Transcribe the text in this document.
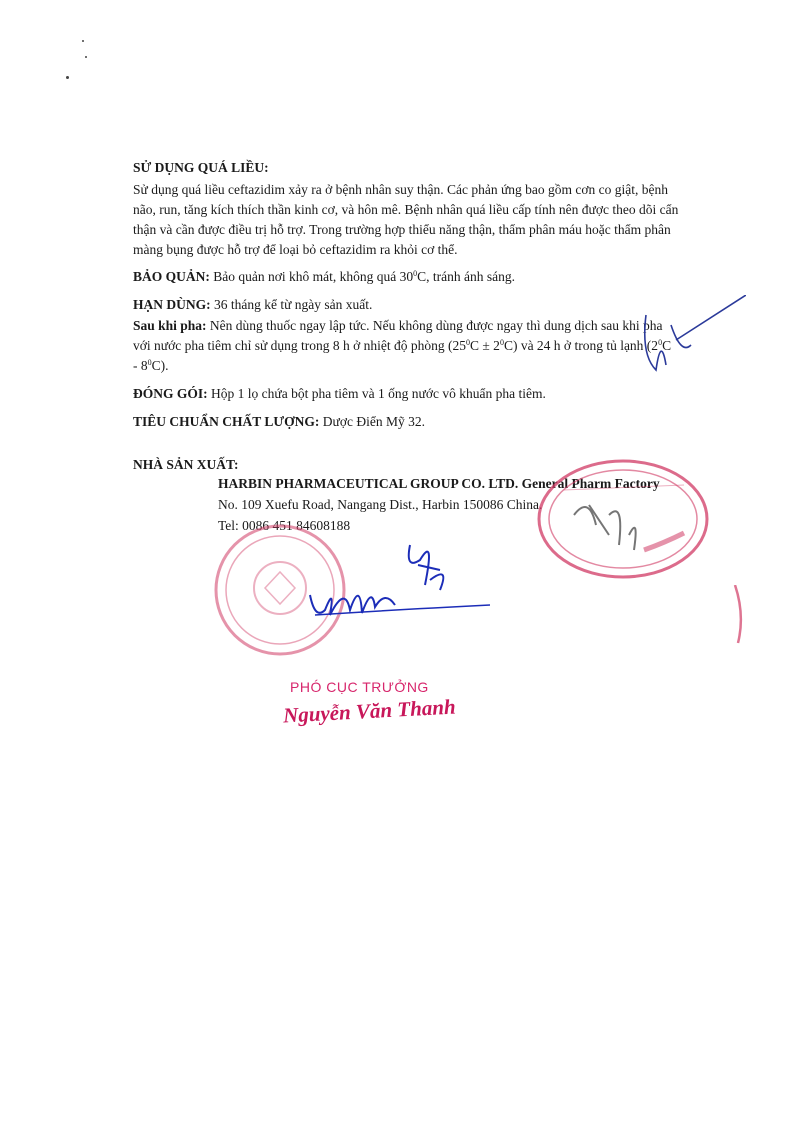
SỬ DỤNG QUÁ LIỀU:
Sử dụng quá liều ceftazidim xảy ra ở bệnh nhân suy thận. Các phản ứng bao gồm cơn co giật, bệnh
não, run, tăng kích thích thần kinh cơ, và hôn mê. Bệnh nhân quá liều cấp tính nên được theo dõi cẩn
thận và cần được điều trị hỗ trợ. Trong trường hợp thiểu năng thận, thẩm phân máu hoặc thẩm phân
màng bụng được hỗ trợ để loại bỏ ceftazidim ra khỏi cơ thể.
BẢO QUẢN: Bảo quản nơi khô mát, không quá $30^0C$, tránh ánh sáng.
HẠN DÙNG: 36 tháng kể từ ngày sản xuất.
Sau khi pha: Nên dùng thuốc ngay lập tức. Nếu không dùng được ngay thì dung dịch sau khi pha
với nước pha tiêm chỉ sử dụng trong 8 h ở nhiệt độ phòng $(25^0C \pm 2^0C)$ và 24 h ở trong tủ lạnh ($2^0C$
- $8^0C$).
ĐÓNG GÓI: Hộp 1 lọ chứa bột pha tiêm và 1 ống nước vô khuẩn pha tiêm.
TIÊU CHUẨN CHẤT LƯỢNG: Dược Điển Mỹ 32.
NHÀ SẢN XUẤT:
HARBIN PHARMACEUTICAL GROUP CO. LTD. General Pharm Factory
No. 109 Xuefu Road, Nangang Dist., Harbin 150086 China.
Tel: 0086 451 84608188
PHÓ CỤC TRƯỞNG
Nguyễn Văn Thanh
